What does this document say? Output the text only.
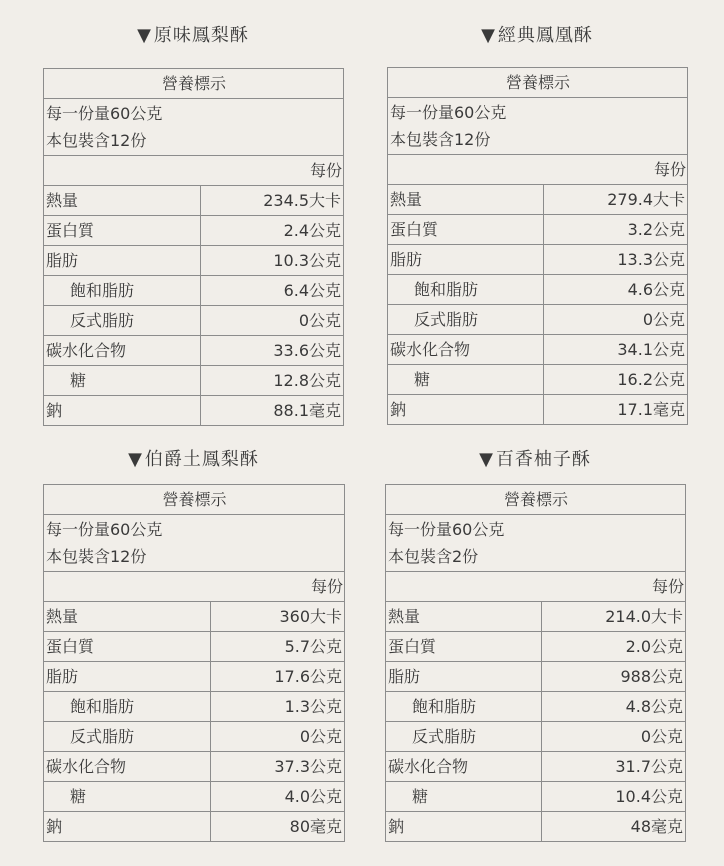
▼ 原味鳳梨酥
營養標示	

每一份量60公克
本包裝含12份	

每份	
熱量	234.5大卡
蛋白質	2.4公克
脂肪	10.3公克
飽和脂肪	6.4公克
反式脂肪	0公克
碳水化合物	33.6公克
糖	12.8公克
鈉	88.1毫克
▼ 經典鳳凰酥
營養標示	

每一份量60公克
本包裝含12份	

每份	
熱量	279.4大卡
蛋白質	3.2公克
脂肪	13.3公克
飽和脂肪	4.6公克
反式脂肪	0公克
碳水化合物	34.1公克
糖	16.2公克
鈉	17.1毫克
▼ 伯爵土鳳梨酥
營養標示	

每一份量60公克
本包裝含12份	

每份	
熱量	360大卡
蛋白質	5.7公克
脂肪	17.6公克
飽和脂肪	1.3公克
反式脂肪	0公克
碳水化合物	37.3公克
糖	4.0公克
鈉	80毫克
▼ 百香柚子酥
營養標示	

每一份量60公克
本包裝含2份	

每份	
熱量	214.0大卡
蛋白質	2.0公克
脂肪	988公克
飽和脂肪	4.8公克
反式脂肪	0公克
碳水化合物	31.7公克
糖	10.4公克
鈉	48毫克
